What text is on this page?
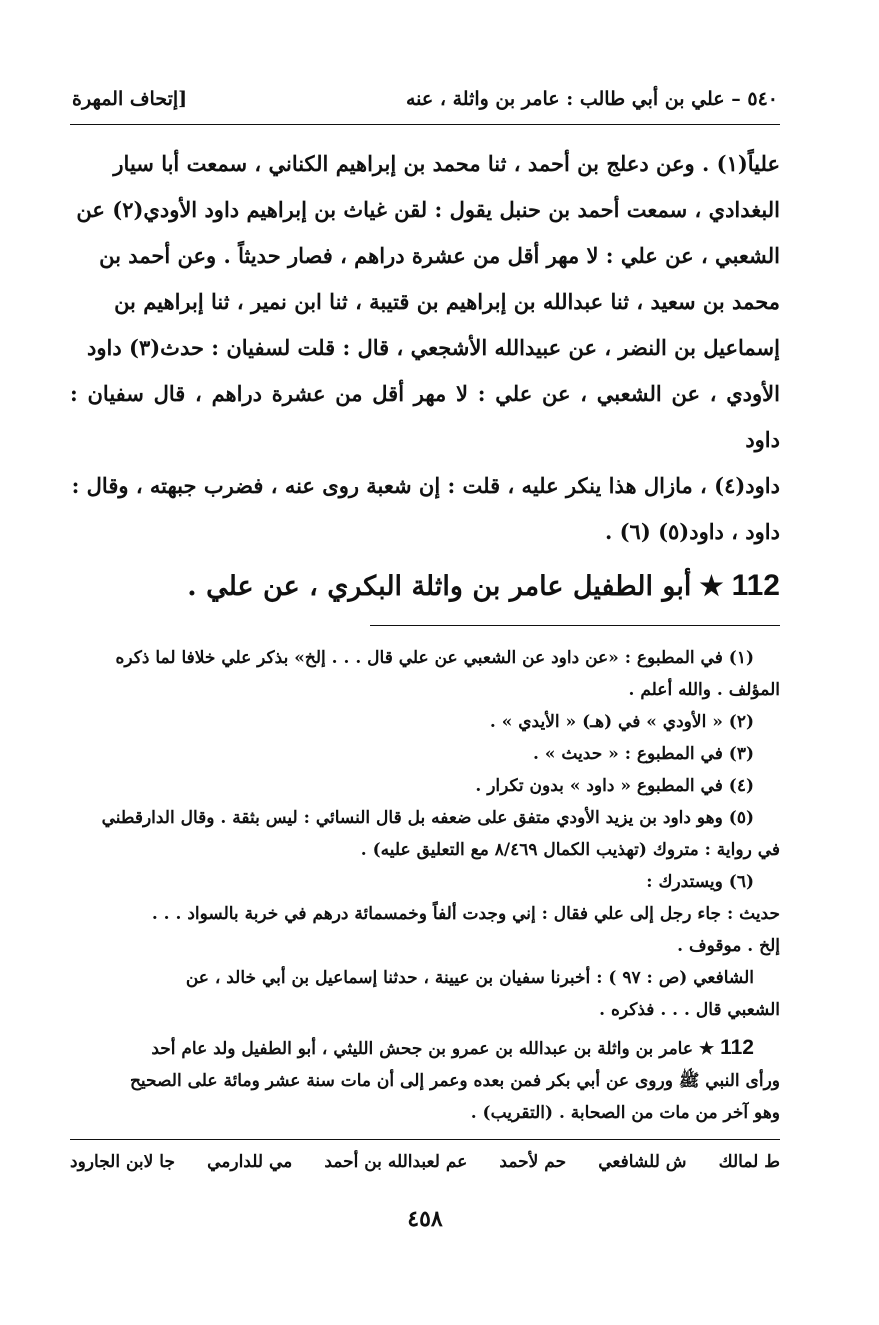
٥٤٠ – علي بن أبي طالب : عامر بن واثلة ، عنه
[إتحاف المهرة

علياً(١) . وعن دعلج بن أحمد ، ثنا محمد بن إبراهيم الكناني ، سمعت أبا سيار

البغدادي ، سمعت أحمد بن حنبل يقول : لقن غياث بن إبراهيم داود الأودي(٢) عن

الشعبي ، عن علي : لا مهر أقل من عشرة دراهم ، فصار حديثاً . وعن أحمد بن

محمد بن سعيد ، ثنا عبدالله بن إبراهيم بن قتيبة ، ثنا ابن نمير ، ثنا إبراهيم بن

إسماعيل بن النضر ، عن عبيدالله الأشجعي ، قال : قلت لسفيان : حدث(٣) داود

الأودي ، عن الشعبي ، عن علي : لا مهر أقل من عشرة دراهم ، قال سفيان : داود

داود(٤) ، مازال هذا ينكر عليه ، قلت : إن شعبة روى عنه ، فضرب جبهته ، وقال :

داود ، داود(٥) (٦) .

112
★
أبو الطفيل عامر بن واثلة البكري ، عن علي .

(١) في المطبوع : «عن داود عن الشعبي عن علي قال . . . إلخ» بذكر علي خلافا لما ذكره

المؤلف . والله أعلم .

(٢) « الأودي » في (هـ) « الأيدي » .

(٣) في المطبوع : « حديث » .

(٤) في المطبوع « داود » بدون تكرار .

(٥) وهو داود بن يزيد الأودي متفق على ضعفه بل قال النسائي : ليس بثقة . وقال الدارقطني

في رواية : متروك (تهذيب الكمال ٨/٤٦٩ مع التعليق عليه) .

(٦) ويستدرك :

حديث : جاء رجل إلى علي فقال : إني وجدت ألفاً وخمسمائة درهم في خربة بالسواد . . .

إلخ . موقوف .

الشافعي (ص : ٩٧ ) : أخبرنا سفيان بن عيينة ، حدثنا إسماعيل بن أبي خالد ، عن

الشعبي قال . . . فذكره .

112 ★ عامر بن واثلة بن عبدالله بن عمرو بن جحش الليثي ، أبو الطفيل ولد عام أحد

ورأى النبي ﷺ وروى عن أبي بكر فمن بعده وعمر إلى أن مات سنة عشر ومائة على الصحيح

وهو آخر من مات من الصحابة . (التقريب) .

ط لمالك
ش للشافعي
حم لأحمد
عم لعبدالله بن أحمد
مي للدارمي
جا لابن الجارود
٤٥٨
